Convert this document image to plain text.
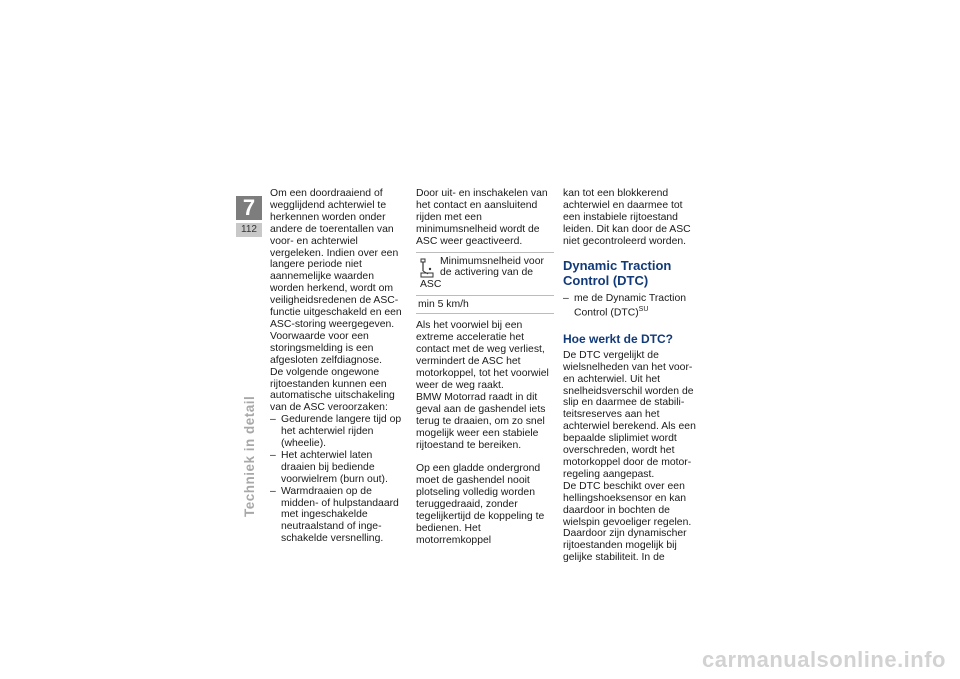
7
112
Techniek in detail

Om een doordraaiend of wegglijdend achterwiel te herkennen worden onder andere de toerentallen van voor- en achterwiel vergeleken. Indien over een langere periode niet aannemelijke waarden worden herkend, wordt om veiligheidsredenen de ASC-functie uitgeschakeld en een ASC-storing weergegeven. Voorwaarde voor een storingsmelding is een afgesloten zelfdiagnose.

De volgende ongewone rijtoestanden kunnen een automatische uitschakeling van de ASC veroorzaken:

– Gedurende langere tijd op het achterwiel rijden (wheelie).
– Het achterwiel laten draaien bij bediende voorwielrem (burn out).
– Warmdraaien op de midden- of hulpstandaard met ingeschakelde neutraalstand of ingeschakelde versnelling.

Door uit- en inschakelen van het contact en aansluitend rijden met een minimumsnelheid wordt de ASC weer geactiveerd.

Minimumsnelheid voor de activering van de
ASC
min 5 km/h

Als het voorwiel bij een extreme acceleratie het contact met de weg verliest, vermindert de ASC het motorkoppel, tot het voorwiel weer de weg raakt.

BMW Motorrad raadt in dit geval aan de gashendel iets terug te draaien, om zo snel mogelijk weer een stabiele rijtoestand te bereiken.

Op een gladde ondergrond moet de gashendel nooit plotseling volledig worden teruggedraaid, zonder tegelijkertijd de koppeling te bedienen. Het motorremkoppel

kan tot een blokkerend achterwiel en daarmee tot een instabiele rijtoestand leiden. Dit kan door de ASC niet gecontroleerd worden.

Dynamic Traction Control (DTC)
– me de Dynamic Traction Control (DTC)$^{SU}$
Hoe werkt de DTC?

De DTC vergelijkt de wielsnelheden van het voor- en achterwiel. Uit het snelheidsverschil worden de slip en daarmee de stabiliteitsreserves aan het achterwiel berekend. Als een bepaalde sliplimiet wordt overschreden, wordt het motorkoppel door de motorregeling aangepast.

De DTC beschikt over een hellingshoeksensor en kan daardoor in bochten de wielspin gevoeliger regelen. Daardoor zijn dynamischer rijtoestanden mogelijk bij gelijke stabiliteit. In de

carmanualsonline.info
